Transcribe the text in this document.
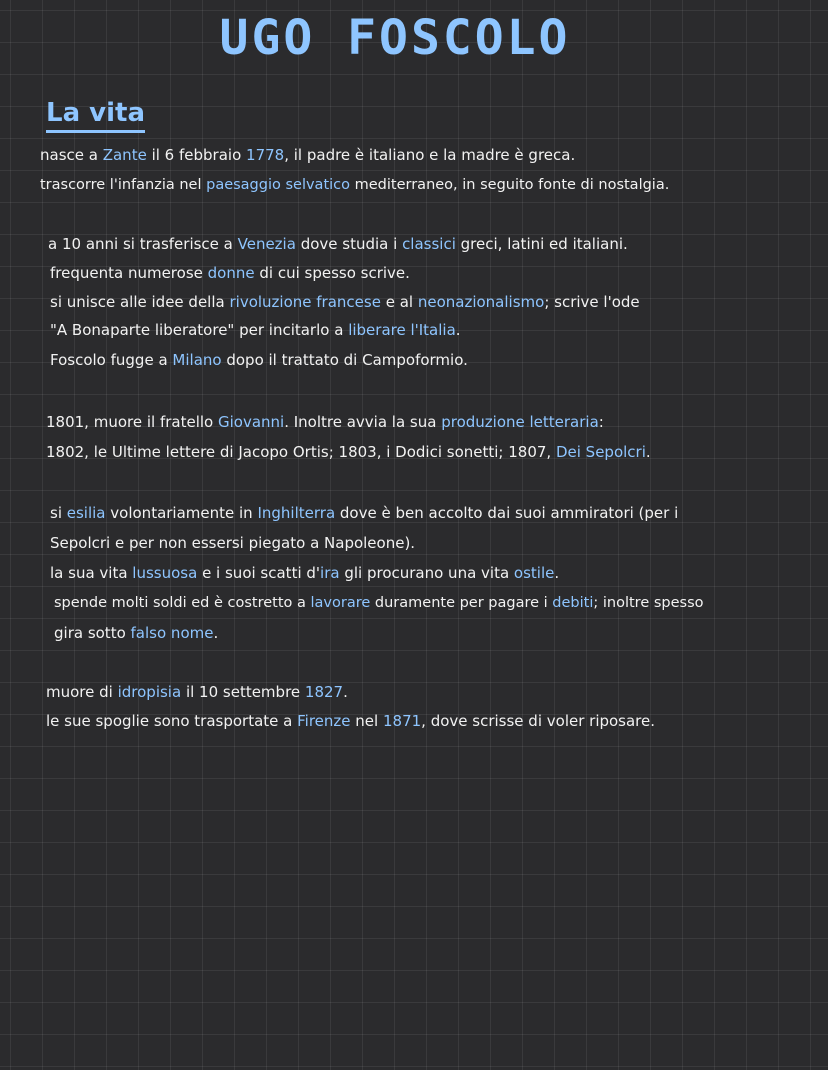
UGO FOSCOLO
La vita

nasce a Zante il 6 febbraio 1778, il padre è italiano e la madre è greca.

trascorre l'infanzia nel paesaggio selvatico mediterraneo, in seguito fonte di nostalgia.

a 10 anni si trasferisce a Venezia dove studia i classici greci, latini ed italiani.

frequenta numerose donne di cui spesso scrive.

si unisce alle idee della rivoluzione francese e al neonazionalismo; scrive l'ode

"A Bonaparte liberatore" per incitarlo a liberare l'Italia.

Foscolo fugge a Milano dopo il trattato di Campoformio.

1801, muore il fratello Giovanni. Inoltre avvia la sua produzione letteraria:

1802, le Ultime lettere di Jacopo Ortis; 1803, i Dodici sonetti; 1807, Dei Sepolcri.

si esilia volontariamente in Inghilterra dove è ben accolto dai suoi ammiratori (per i

Sepolcri e per non essersi piegato a Napoleone).

la sua vita lussuosa e i suoi scatti d'ira gli procurano una vita ostile.

spende molti soldi ed è costretto a lavorare duramente per pagare i debiti; inoltre spesso

gira sotto falso nome.

muore di idropisia il 10 settembre 1827.

le sue spoglie sono trasportate a Firenze nel 1871, dove scrisse di voler riposare.
